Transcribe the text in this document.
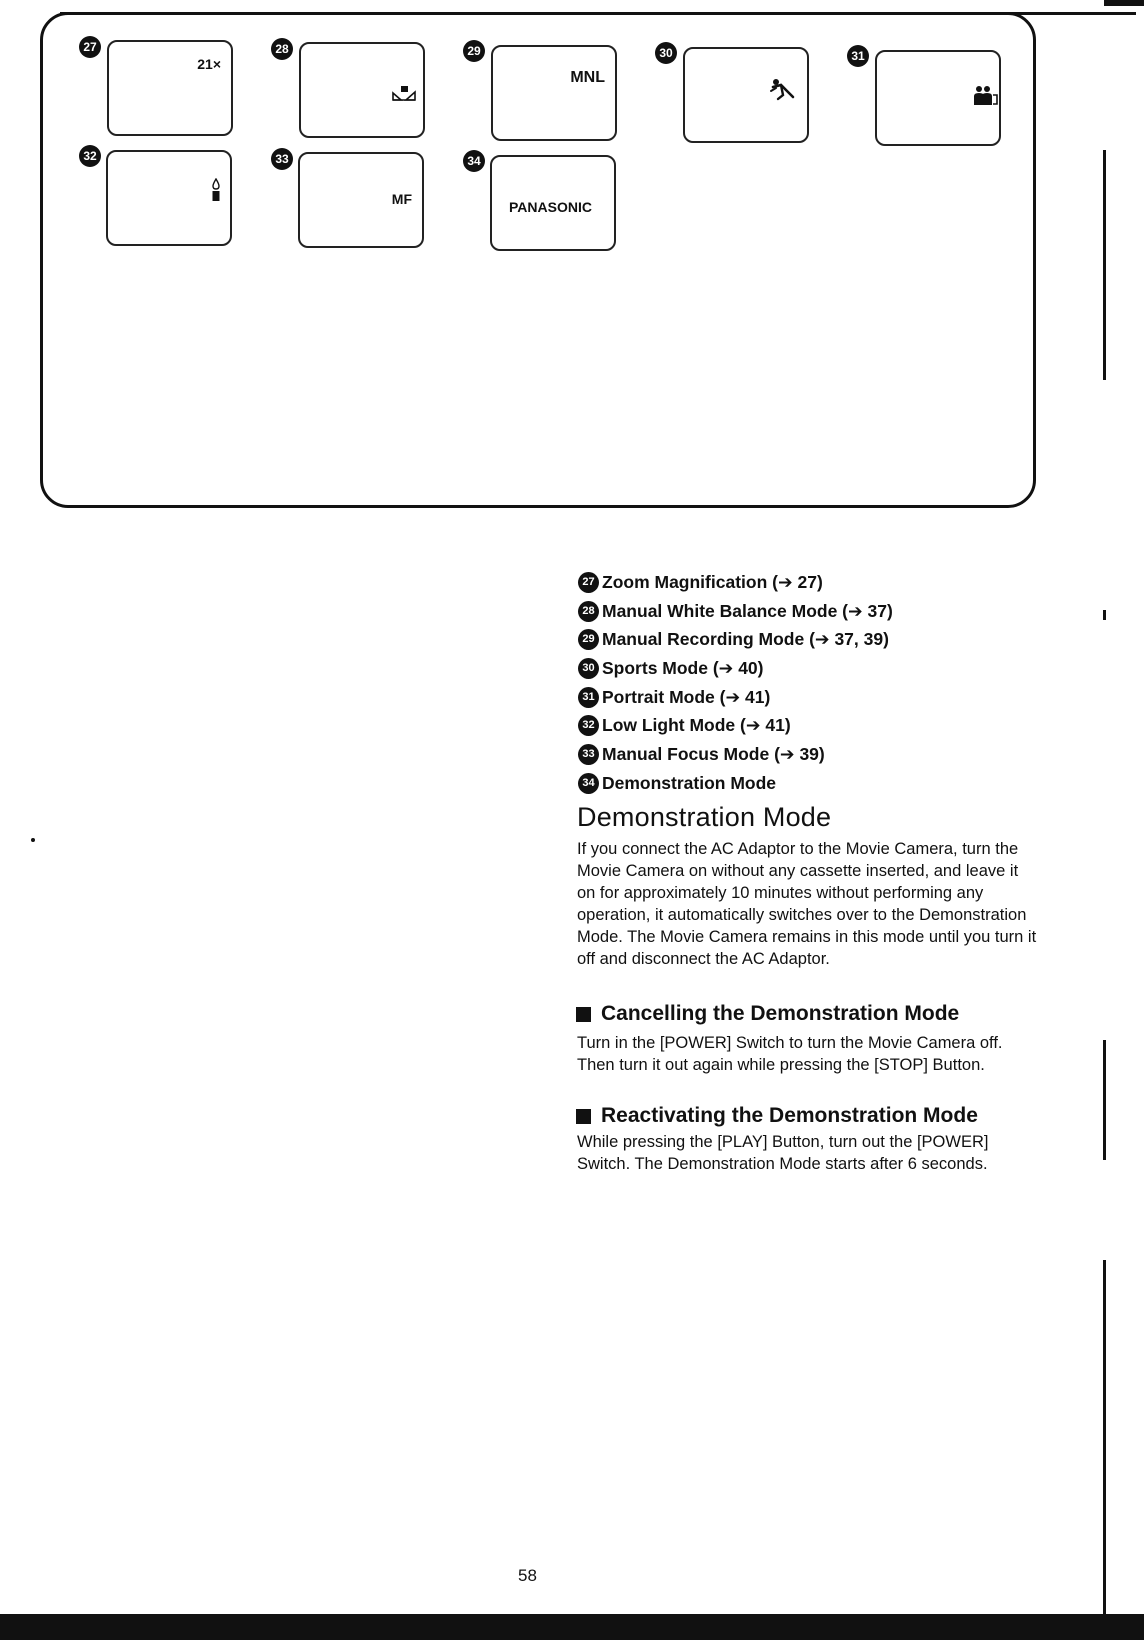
27
21×
28	29
MNL
30	31
32	33
MF
34
PANASONIC
27 Zoom Magnification (➔ 27)
28 Manual White Balance Mode (➔ 37)
29 Manual Recording Mode (➔ 37, 39)
30 Sports Mode (➔ 40)
31 Portrait Mode (➔ 41)
32 Low Light Mode (➔ 41)
33 Manual Focus Mode (➔ 39)
34 Demonstration Mode
Demonstration Mode

If you connect the AC Adaptor to the Movie Camera, turn the Movie Camera on without any cassette inserted, and leave it on for approximately 10 minutes without performing any operation, it automatically switches over to the Demonstration Mode. The Movie Camera remains in this mode until you turn it off and disconnect the AC Adaptor.

Cancelling the Demonstration Mode

Turn in the [POWER] Switch to turn the Movie Camera off. Then turn it out again while pressing the [STOP] Button.

Reactivating the Demonstration Mode

While pressing the [PLAY] Button, turn out the [POWER] Switch. The Demonstration Mode starts after 6 seconds.

58
